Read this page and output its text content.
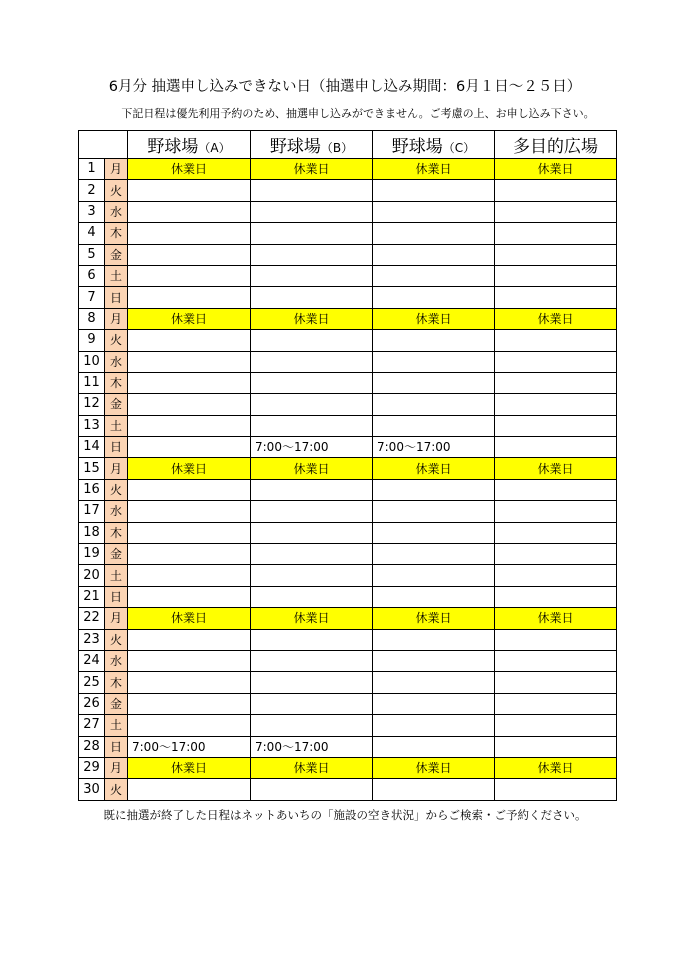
6月分 抽選申し込みできない日（抽選申し込み期間：6月１日～２５日）
下記日程は優先利用予約のため、抽選申し込みができません。ご考慮の上、お申し込み下さい。
		野球場（A）	野球場（B）	野球場（C）	多目的広場
1	月	休業日	休業日	休業日	休業日
2	火				
3	水				
4	木				
5	金				
6	土				
7	日				
8	月	休業日	休業日	休業日	休業日
9	火				
10	水				
11	木				
12	金				
13	土				
14	日		7:00～17:00	7:00～17:00	
15	月	休業日	休業日	休業日	休業日
16	火				
17	水				
18	木				
19	金				
20	土				
21	日				
22	月	休業日	休業日	休業日	休業日
23	火				
24	水				
25	木				
26	金				
27	土				
28	日	7:00～17:00	7:00～17:00		
29	月	休業日	休業日	休業日	休業日
30	火				
既に抽選が終了した日程はネットあいちの「施設の空き状況」からご検索・ご予約ください。
